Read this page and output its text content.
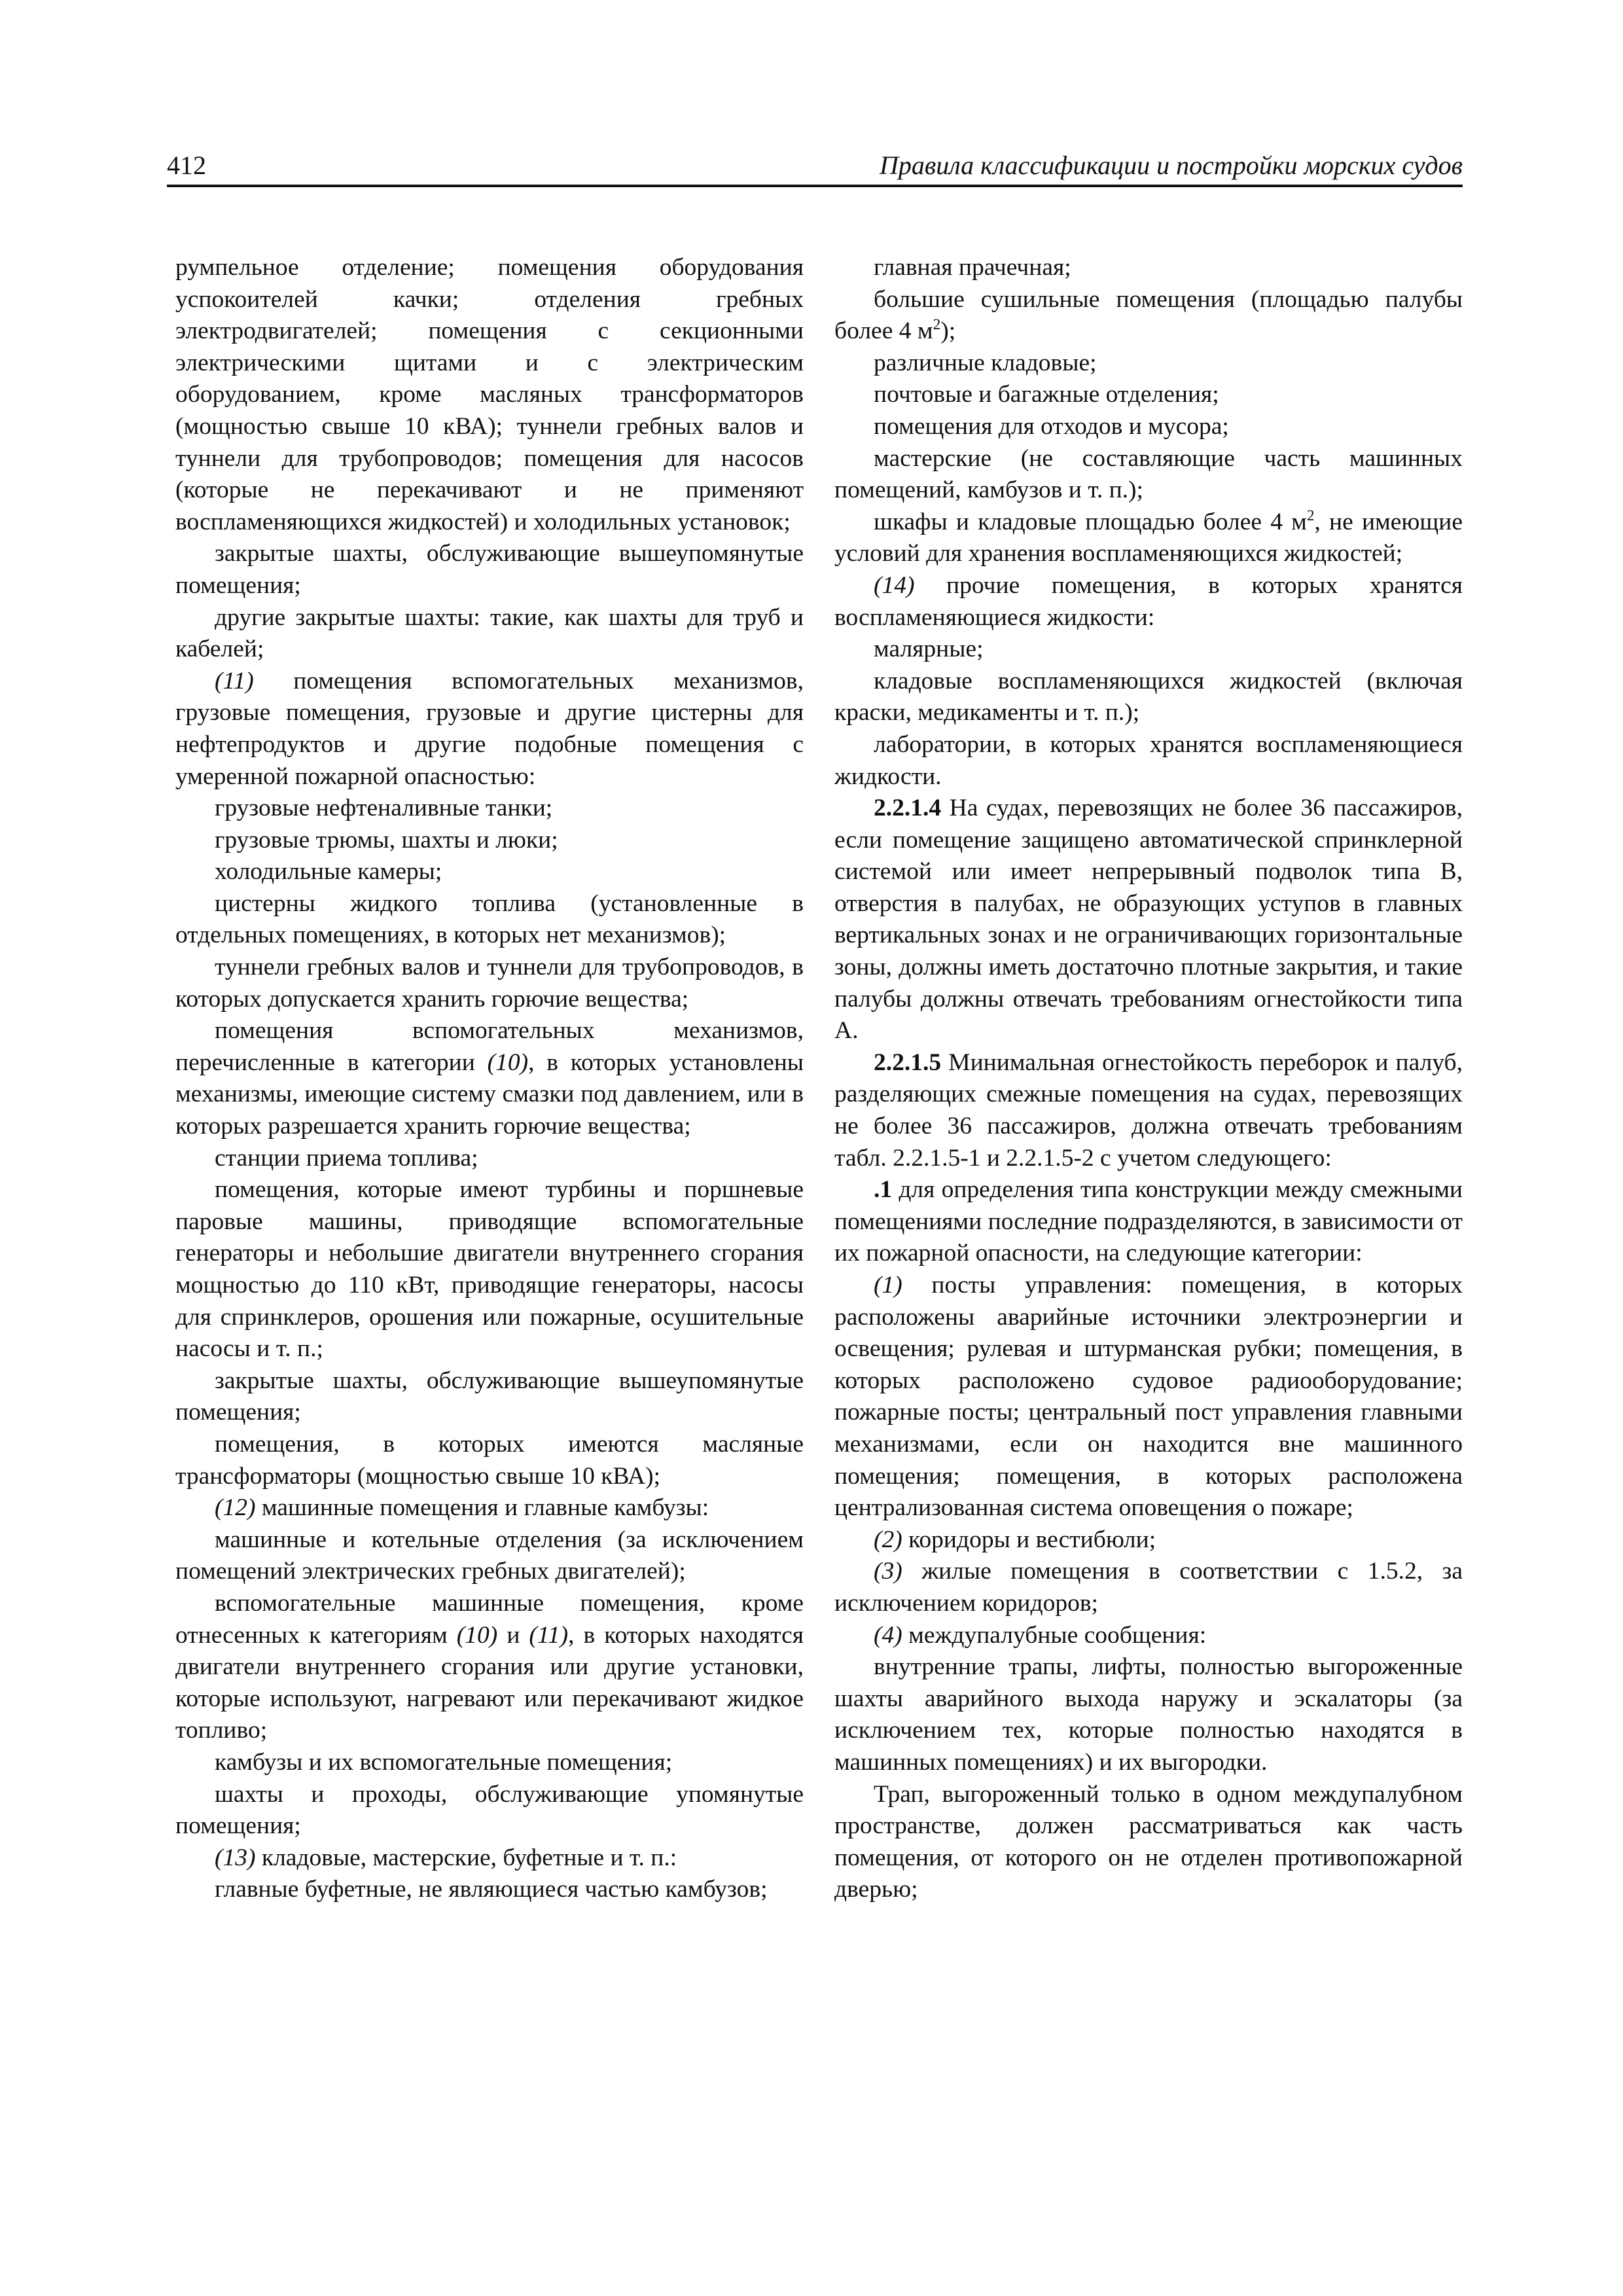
412	Правила классификации и постройки морских судов

румпельное отделение; помещения оборудования успокоителей качки; отделения гребных электродвигателей; помещения с секционными электрическими щитами и с электрическим оборудованием, кроме масляных трансформаторов (мощностью свыше 10 кВА); туннели гребных валов и туннели для трубопроводов; помещения для насосов (которые не перекачивают и не применяют воспламеняющихся жидкостей) и холодильных установок;

закрытые шахты, обслуживающие вышеупомянутые помещения;

другие закрытые шахты: такие, как шахты для труб и кабелей;

(11) помещения вспомогательных механизмов, грузовые помещения, грузовые и другие цистерны для нефтепродуктов и другие подобные помещения с умеренной пожарной опасностью:

грузовые нефтеналивные танки;

грузовые трюмы, шахты и люки;

холодильные камеры;

цистерны жидкого топлива (установленные в отдельных помещениях, в которых нет механизмов);

туннели гребных валов и туннели для трубопроводов, в которых допускается хранить горючие вещества;

помещения вспомогательных механизмов, перечисленные в категории (10), в которых установлены механизмы, имеющие систему смазки под давлением, или в которых разрешается хранить горючие вещества;

станции приема топлива;

помещения, которые имеют турбины и поршневые паровые машины, приводящие вспомогательные генераторы и небольшие двигатели внутреннего сгорания мощностью до 110 кВт, приводящие генераторы, насосы для спринклеров, орошения или пожарные, осушительные насосы и т. п.;

закрытые шахты, обслуживающие вышеупомянутые помещения;

помещения, в которых имеются масляные трансформаторы (мощностью свыше 10 кВА);

(12) машинные помещения и главные камбузы:

машинные и котельные отделения (за исключением помещений электрических гребных двигателей);

вспомогательные машинные помещения, кроме отнесенных к категориям (10) и (11), в которых находятся двигатели внутреннего сгорания или другие установки, которые используют, нагревают или перекачивают жидкое топливо;

камбузы и их вспомогательные помещения;

шахты и проходы, обслуживающие упомянутые помещения;

(13) кладовые, мастерские, буфетные и т. п.:

главные буфетные, не являющиеся частью камбузов;

главная прачечная;

большие сушильные помещения (площадью палубы более 4 $м^2$);

различные кладовые;

почтовые и багажные отделения;

помещения для отходов и мусора;

мастерские (не составляющие часть машинных помещений, камбузов и т. п.);

шкафы и кладовые площадью более 4 $м^2$, не имеющие условий для хранения воспламеняющихся жидкостей;

(14) прочие помещения, в которых хранятся воспламеняющиеся жидкости:

малярные;

кладовые воспламеняющихся жидкостей (включая краски, медикаменты и т. п.);

лаборатории, в которых хранятся воспламеняющиеся жидкости.

2.2.1.4 На судах, перевозящих не более 36 пассажиров, если помещение защищено автоматической спринклерной системой или имеет непрерывный подволок типа В, отверстия в палубах, не образующих уступов в главных вертикальных зонах и не ограничивающих горизонтальные зоны, должны иметь достаточно плотные закрытия, и такие палубы должны отвечать требованиям огнестойкости типа А.

2.2.1.5 Минимальная огнестойкость переборок и палуб, разделяющих смежные помещения на судах, перевозящих не более 36 пассажиров, должна отвечать требованиям табл. 2.2.1.5-1 и 2.2.1.5-2 с учетом следующего:

.1 для определения типа конструкции между смежными помещениями последние подразделяются, в зависимости от их пожарной опасности, на следующие категории:

(1) посты управления: помещения, в которых расположены аварийные источники электроэнергии и освещения; рулевая и штурманская рубки; помещения, в которых расположено судовое радиооборудование; пожарные посты; центральный пост управления главными механизмами, если он находится вне машинного помещения; помещения, в которых расположена централизованная система оповещения о пожаре;

(2) коридоры и вестибюли;

(3) жилые помещения в соответствии с 1.5.2, за исключением коридоров;

(4) междупалубные сообщения:

внутренние трапы, лифты, полностью выгороженные шахты аварийного выхода наружу и эскалаторы (за исключением тех, которые полностью находятся в машинных помещениях) и их выгородки.

Трап, выгороженный только в одном междупалубном пространстве, должен рассматриваться как часть помещения, от которого он не отделен противопожарной дверью;
